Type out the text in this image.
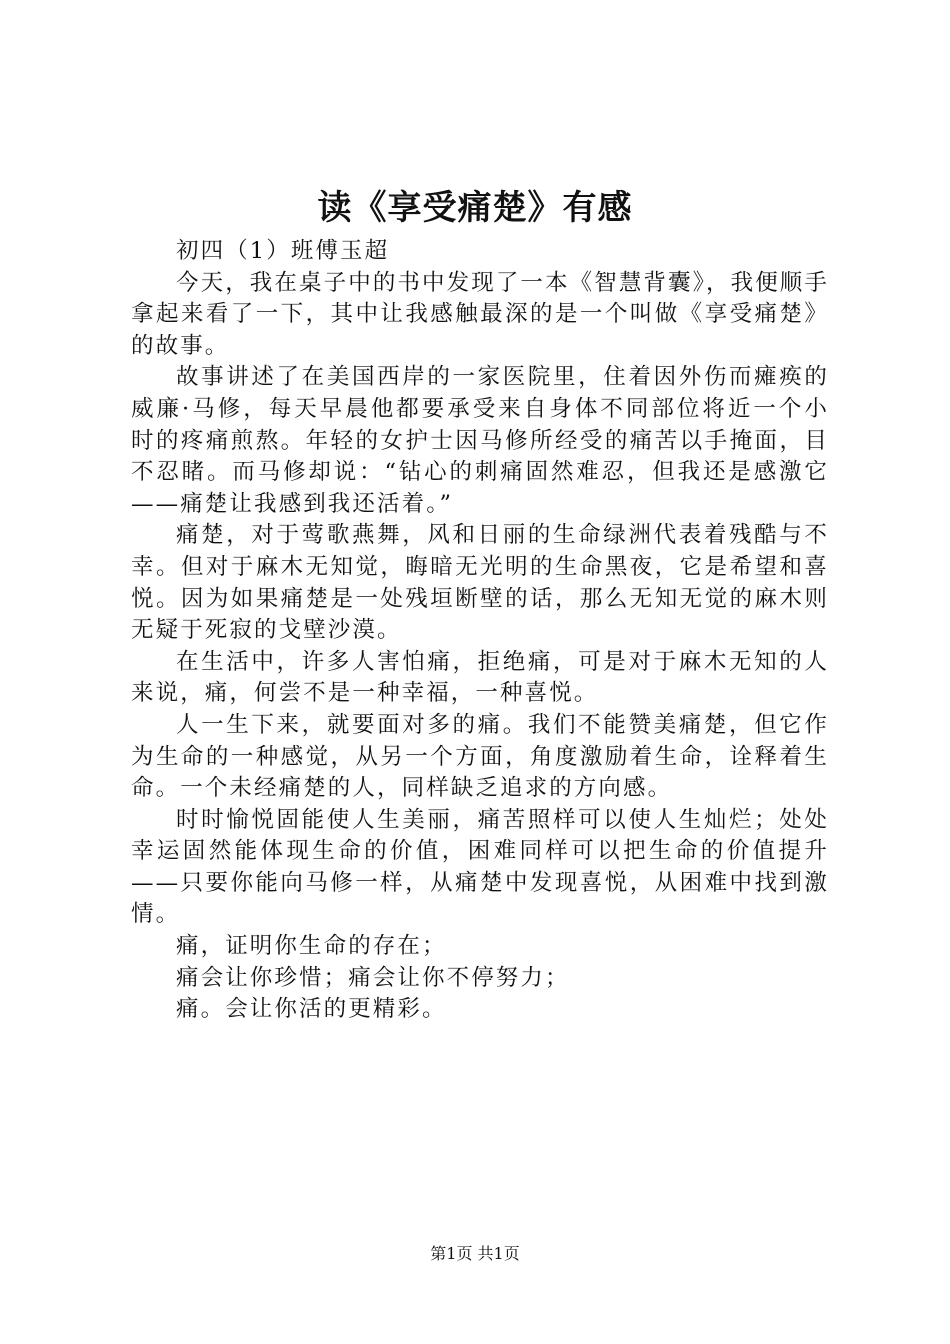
读《享受痛楚》有感

初四（1）班傅玉超

今天，我在桌子中的书中发现了一本《智慧背囊》，我便顺手拿起来看了一下，其中让我感触最深的是一个叫做《享受痛楚》的故事。

故事讲述了在美国西岸的一家医院里，住着因外伤而瘫痪的威廉·马修，每天早晨他都要承受来自身体不同部位将近一个小时的疼痛煎熬。年轻的女护士因马修所经受的痛苦以手掩面，目不忍睹。而马修却说：“钻心的刺痛固然难忍，但我还是感激它——痛楚让我感到我还活着。”

痛楚，对于莺歌燕舞，风和日丽的生命绿洲代表着残酷与不幸。但对于麻木无知觉，晦暗无光明的生命黑夜，它是希望和喜悦。因为如果痛楚是一处残垣断壁的话，那么无知无觉的麻木则无疑于死寂的戈壁沙漠。

在生活中，许多人害怕痛，拒绝痛，可是对于麻木无知的人来说，痛，何尝不是一种幸福，一种喜悦。

人一生下来，就要面对多的痛。我们不能赞美痛楚，但它作为生命的一种感觉，从另一个方面，角度激励着生命，诠释着生命。一个未经痛楚的人，同样缺乏追求的方向感。

时时愉悦固能使人生美丽，痛苦照样可以使人生灿烂；处处幸运固然能体现生命的价值，困难同样可以把生命的价值提升——只要你能向马修一样，从痛楚中发现喜悦，从困难中找到激情。

痛，证明你生命的存在；

痛会让你珍惜；痛会让你不停努力；

痛。会让你活的更精彩。

第1页 共1页
